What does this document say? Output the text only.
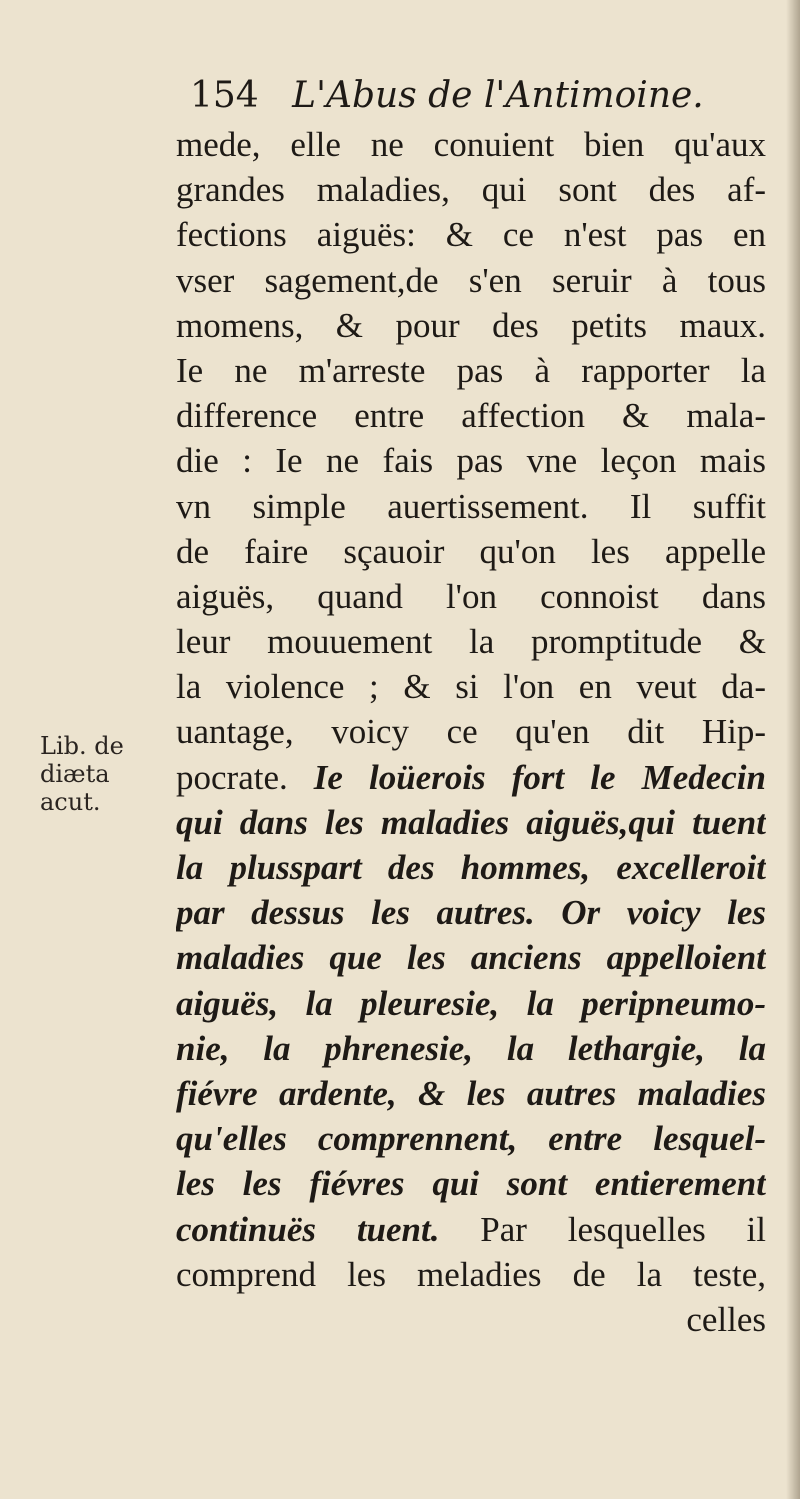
154 L'Abus de l'Antimoine.
Lib. de
diæta
acut.
mede, elle ne conuient bien qu'aux
grandes maladies, qui sont des af-
fections aiguës: & ce n'est pas en
vser sagement,de s'en seruir à tous
momens, & pour des petits maux.
Ie ne m'arreste pas à rapporter la
difference entre affection & mala-
die : Ie ne fais pas vne leçon mais
vn simple auertissement. Il suffit
de faire sçauoir qu'on les appelle
aiguës, quand l'on connoist dans
leur mouuement la promptitude &
la violence ; & si l'on en veut da-
uantage, voicy ce qu'en dit Hip-
pocrate. Ie loüerois fort le Medecin
qui dans les maladies aiguës,qui tuent
la plusspart des hommes, excelleroit
par dessus les autres. Or voicy les
maladies que les anciens appelloient
aiguës, la pleuresie, la peripneumo-
nie, la phrenesie, la lethargie, la
fiévre ardente, & les autres maladies
qu'elles comprennent, entre lesquel-
les les fiévres qui sont entierement
continuës tuent. Par lesquelles il
comprend les meladies de la teste,
celles
